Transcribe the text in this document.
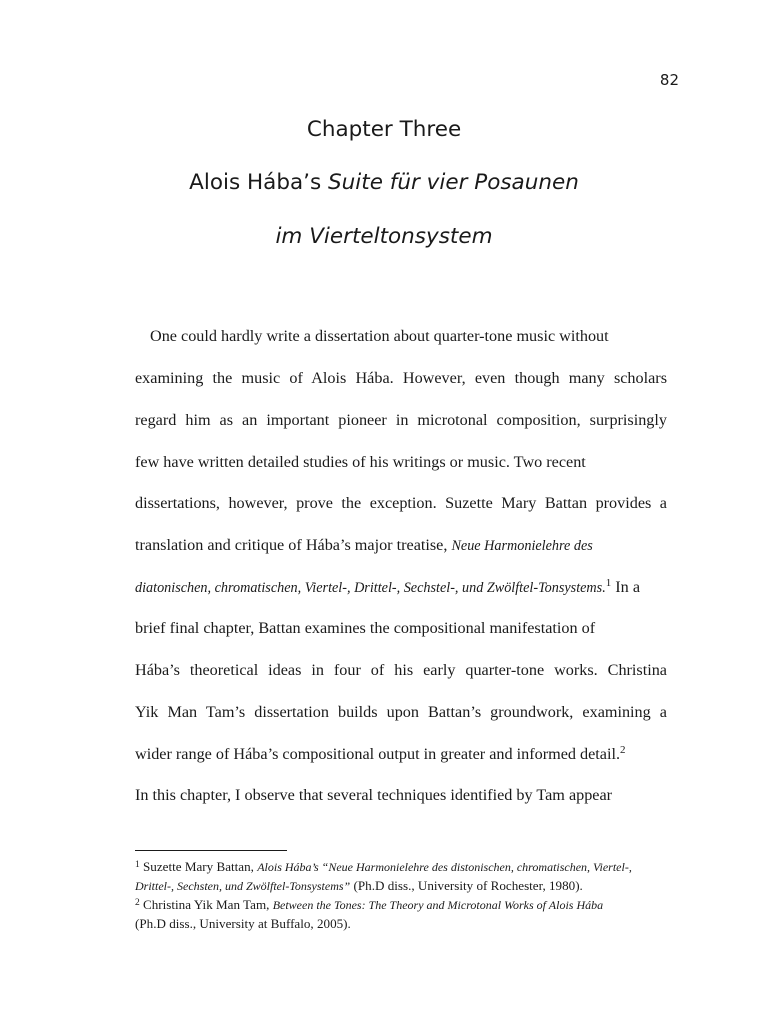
82
Chapter Three
Alois Hába’s Suite für vier Posaunen
im Vierteltonsystem
One could hardly write a dissertation about quarter-tone music without
examining the music of Alois Hába. However, even though many scholars
regard him as an important pioneer in microtonal composition, surprisingly
few have written detailed studies of his writings or music. Two recent
dissertations, however, prove the exception. Suzette Mary Battan provides a
translation and critique of Hába’s major treatise, Neue Harmonielehre des
diatonischen, chromatischen, Viertel-, Drittel-, Sechstel-, und Zwölftel-Tonsystems.$^1$ In a
brief final chapter, Battan examines the compositional manifestation of
Hába’s theoretical ideas in four of his early quarter-tone works. Christina
Yik Man Tam’s dissertation builds upon Battan’s groundwork, examining a
wider range of Hába’s compositional output in greater and informed detail.$^2$
In this chapter, I observe that several techniques identified by Tam appear
$^1$ Suzette Mary Battan, Alois Hába’s “Neue Harmonielehre des distonischen, chromatischen, Viertel-,
Drittel-, Sechsten, und Zwölftel-Tonsystems” (Ph.D diss., University of Rochester, 1980).
$^2$ Christina Yik Man Tam, Between the Tones: The Theory and Microtonal Works of Alois Hába
(Ph.D diss., University at Buffalo, 2005).
